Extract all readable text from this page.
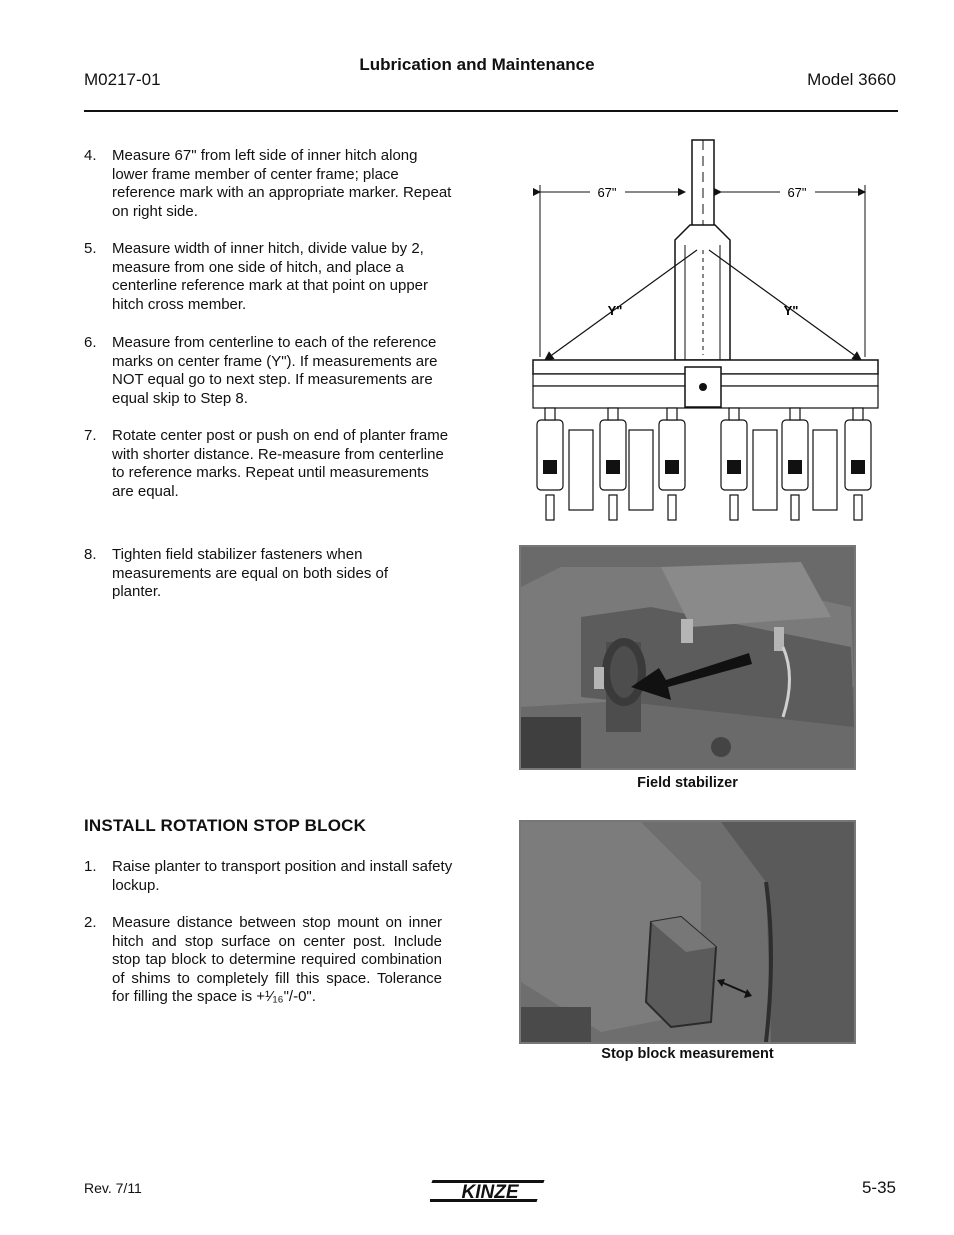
M0217-01
Lubrication and Maintenance
Model 3660
4. Measure 67" from left side of inner hitch along lower frame member of center frame; place reference mark with an appropriate marker. Repeat on right side.
5. Measure width of inner hitch, divide value by 2, measure from one side of hitch, and place a centerline reference mark at that point on upper hitch cross member.
6. Measure from centerline to each of the reference marks on center frame (Y"). If measurements are NOT equal go to next step. If measurements are equal skip to Step 8.
7. Rotate center post or push on end of planter frame with shorter distance. Re-measure from centerline to reference marks. Repeat until measurements are equal.
8. Tighten field stabilizer fasteners when measurements are equal on both sides of planter.
67"	67"
Y"	Y"
Field stabilizer
INSTALL ROTATION STOP BLOCK
1. Raise planter to transport position and install safety lockup.
2. Measure distance between stop mount on inner hitch and stop surface on center post. Include stop tap block to determine required combination of shims to completely fill this space. Tolerance for filling the space is +¹⁄₁₆"/-0".
Stop block measurement
Rev. 7/11	KINZE	5-35
